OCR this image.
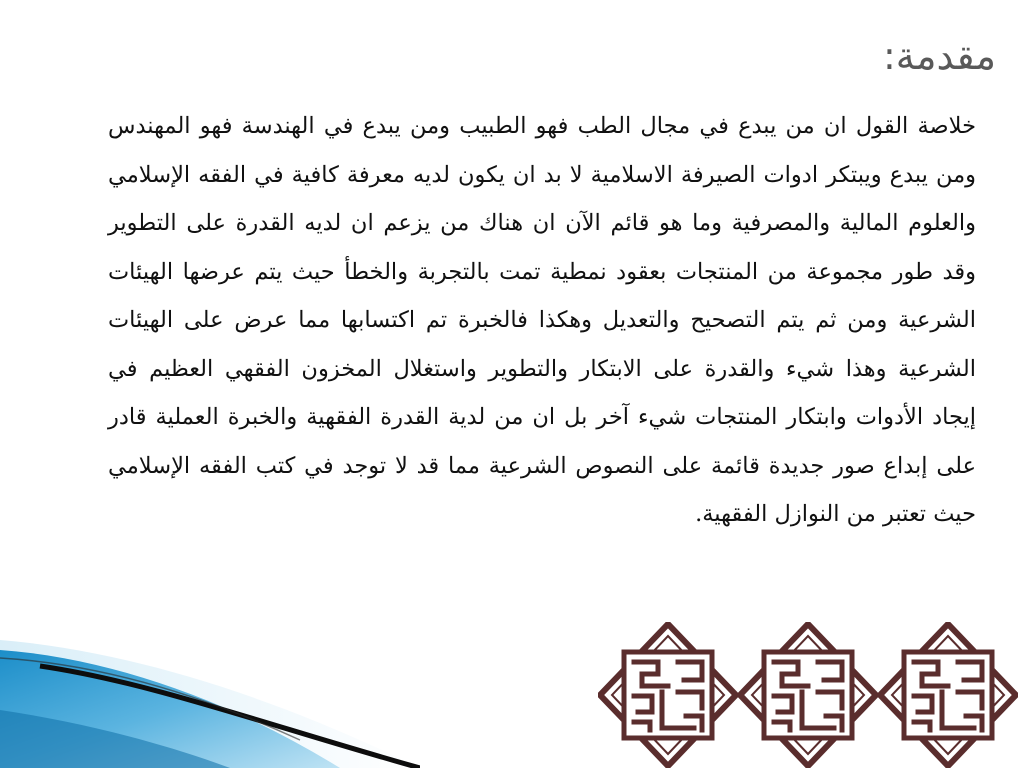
مقدمة:

خلاصة القول ان من يبدع في مجال الطب فهو الطبيب ومن يبدع في الهندسة فهو المهندس ومن يبدع ويبتكر ادوات الصيرفة الاسلامية لا بد ان يكون لديه معرفة كافية في الفقه الإسلامي والعلوم المالية والمصرفية وما هو قائم الآن ان هناك من يزعم ان لديه القدرة على التطوير وقد طور مجموعة من المنتجات بعقود نمطية تمت بالتجربة والخطأ حيث يتم عرضها الهيئات الشرعية ومن ثم يتم التصحيح والتعديل وهكذا فالخبرة تم اكتسابها مما عرض على الهيئات الشرعية وهذا شيء والقدرة على الابتكار والتطوير واستغلال المخزون الفقهي العظيم في إيجاد الأدوات وابتكار المنتجات شيء آخر بل ان من لدية القدرة الفقهية والخبرة العملية قادر على إبداع صور جديدة قائمة على النصوص الشرعية مما قد لا توجد في كتب الفقه الإسلامي حيث تعتبر من النوازل الفقهية.
